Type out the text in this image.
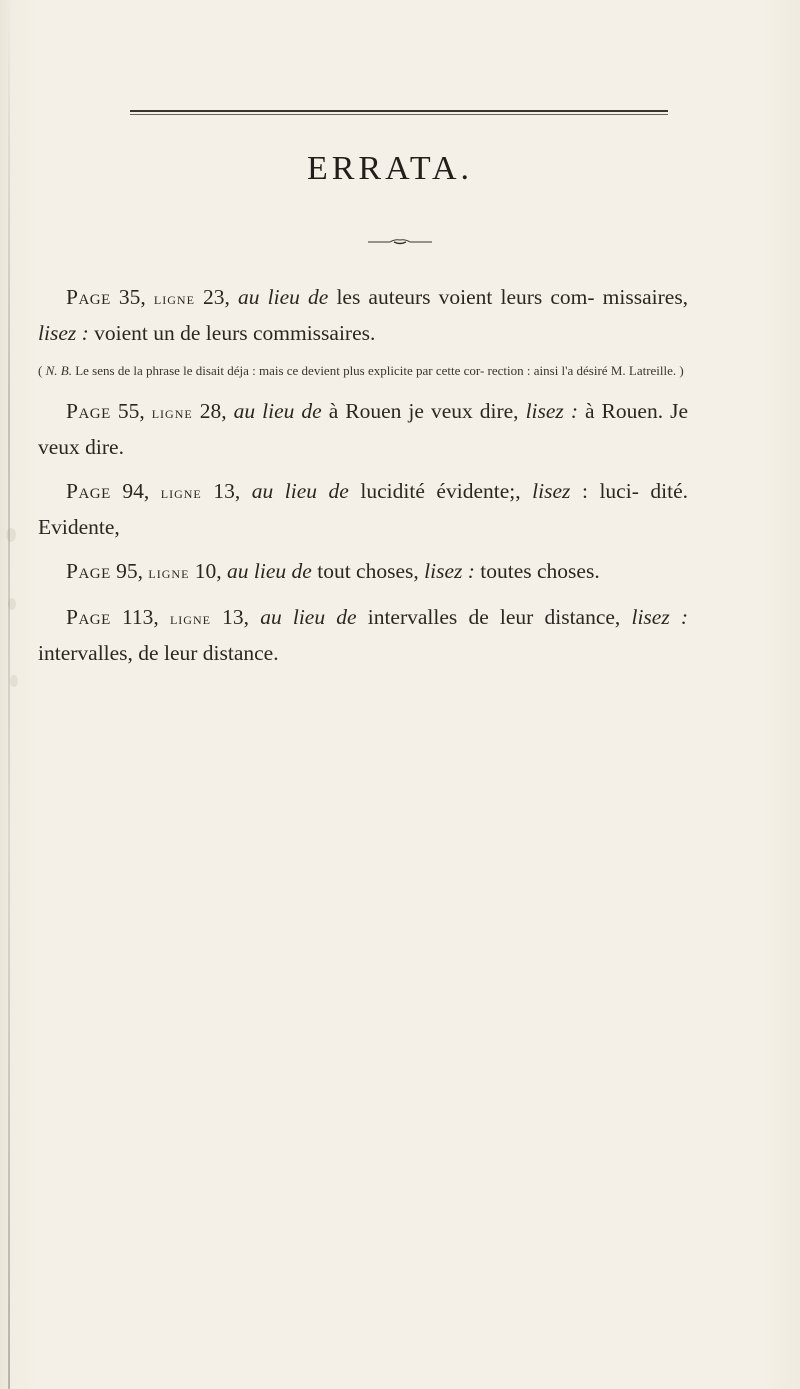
ERRATA.

Page 35, ligne 23, au lieu de les auteurs voient leurs com- missaires, lisez : voient un de leurs commissaires.

( N. B. Le sens de la phrase le disait déja : mais ce devient plus explicite par cette cor- rection : ainsi l'a désiré M. Latreille. )

Page 55, ligne 28, au lieu de à Rouen je veux dire, lisez : à Rouen. Je veux dire.

Page 94, ligne 13, au lieu de lucidité évidente;, lisez : luci- dité. Evidente,

Page 95, ligne 10, au lieu de tout choses, lisez : toutes choses.

Page 113, ligne 13, au lieu de intervalles de leur distance, lisez : intervalles, de leur distance.
